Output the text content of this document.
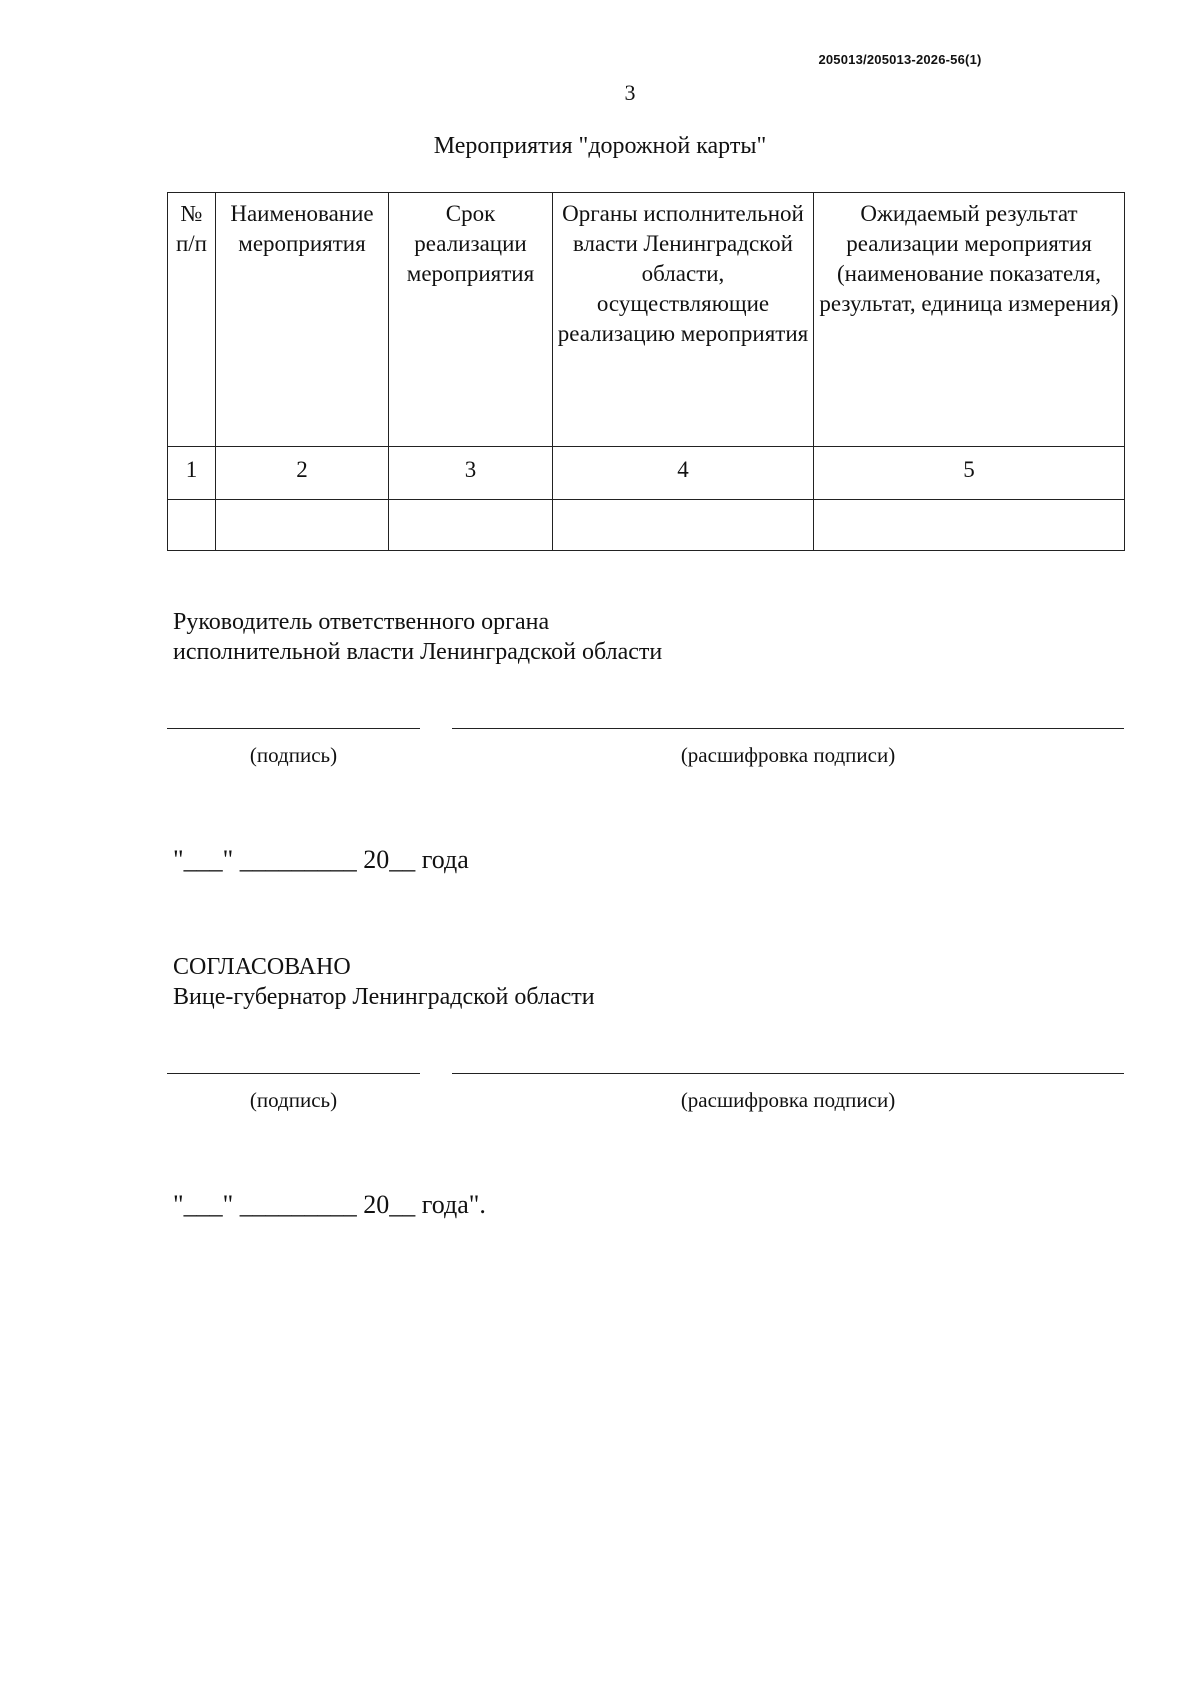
205013/205013-2026-56(1)
3
Мероприятия "дорожной карты"
№ п/п	Наименование мероприятия	Срок реализации мероприятия	Органы исполнительной власти Ленинградской области, осуществляющие реализацию мероприятия	Ожидаемый результат реализации мероприятия (наименование показателя, результат, единица измерения)
1	2	3	4	5

Руководитель ответственного органа
исполнительной власти Ленинградской области
(подпись)	(расшифровка подписи)
"___" _________ 20__ года
СОГЛАСОВАНО
Вице-губернатор Ленинградской области
(подпись)	(расшифровка подписи)
"___" _________ 20__ года".
